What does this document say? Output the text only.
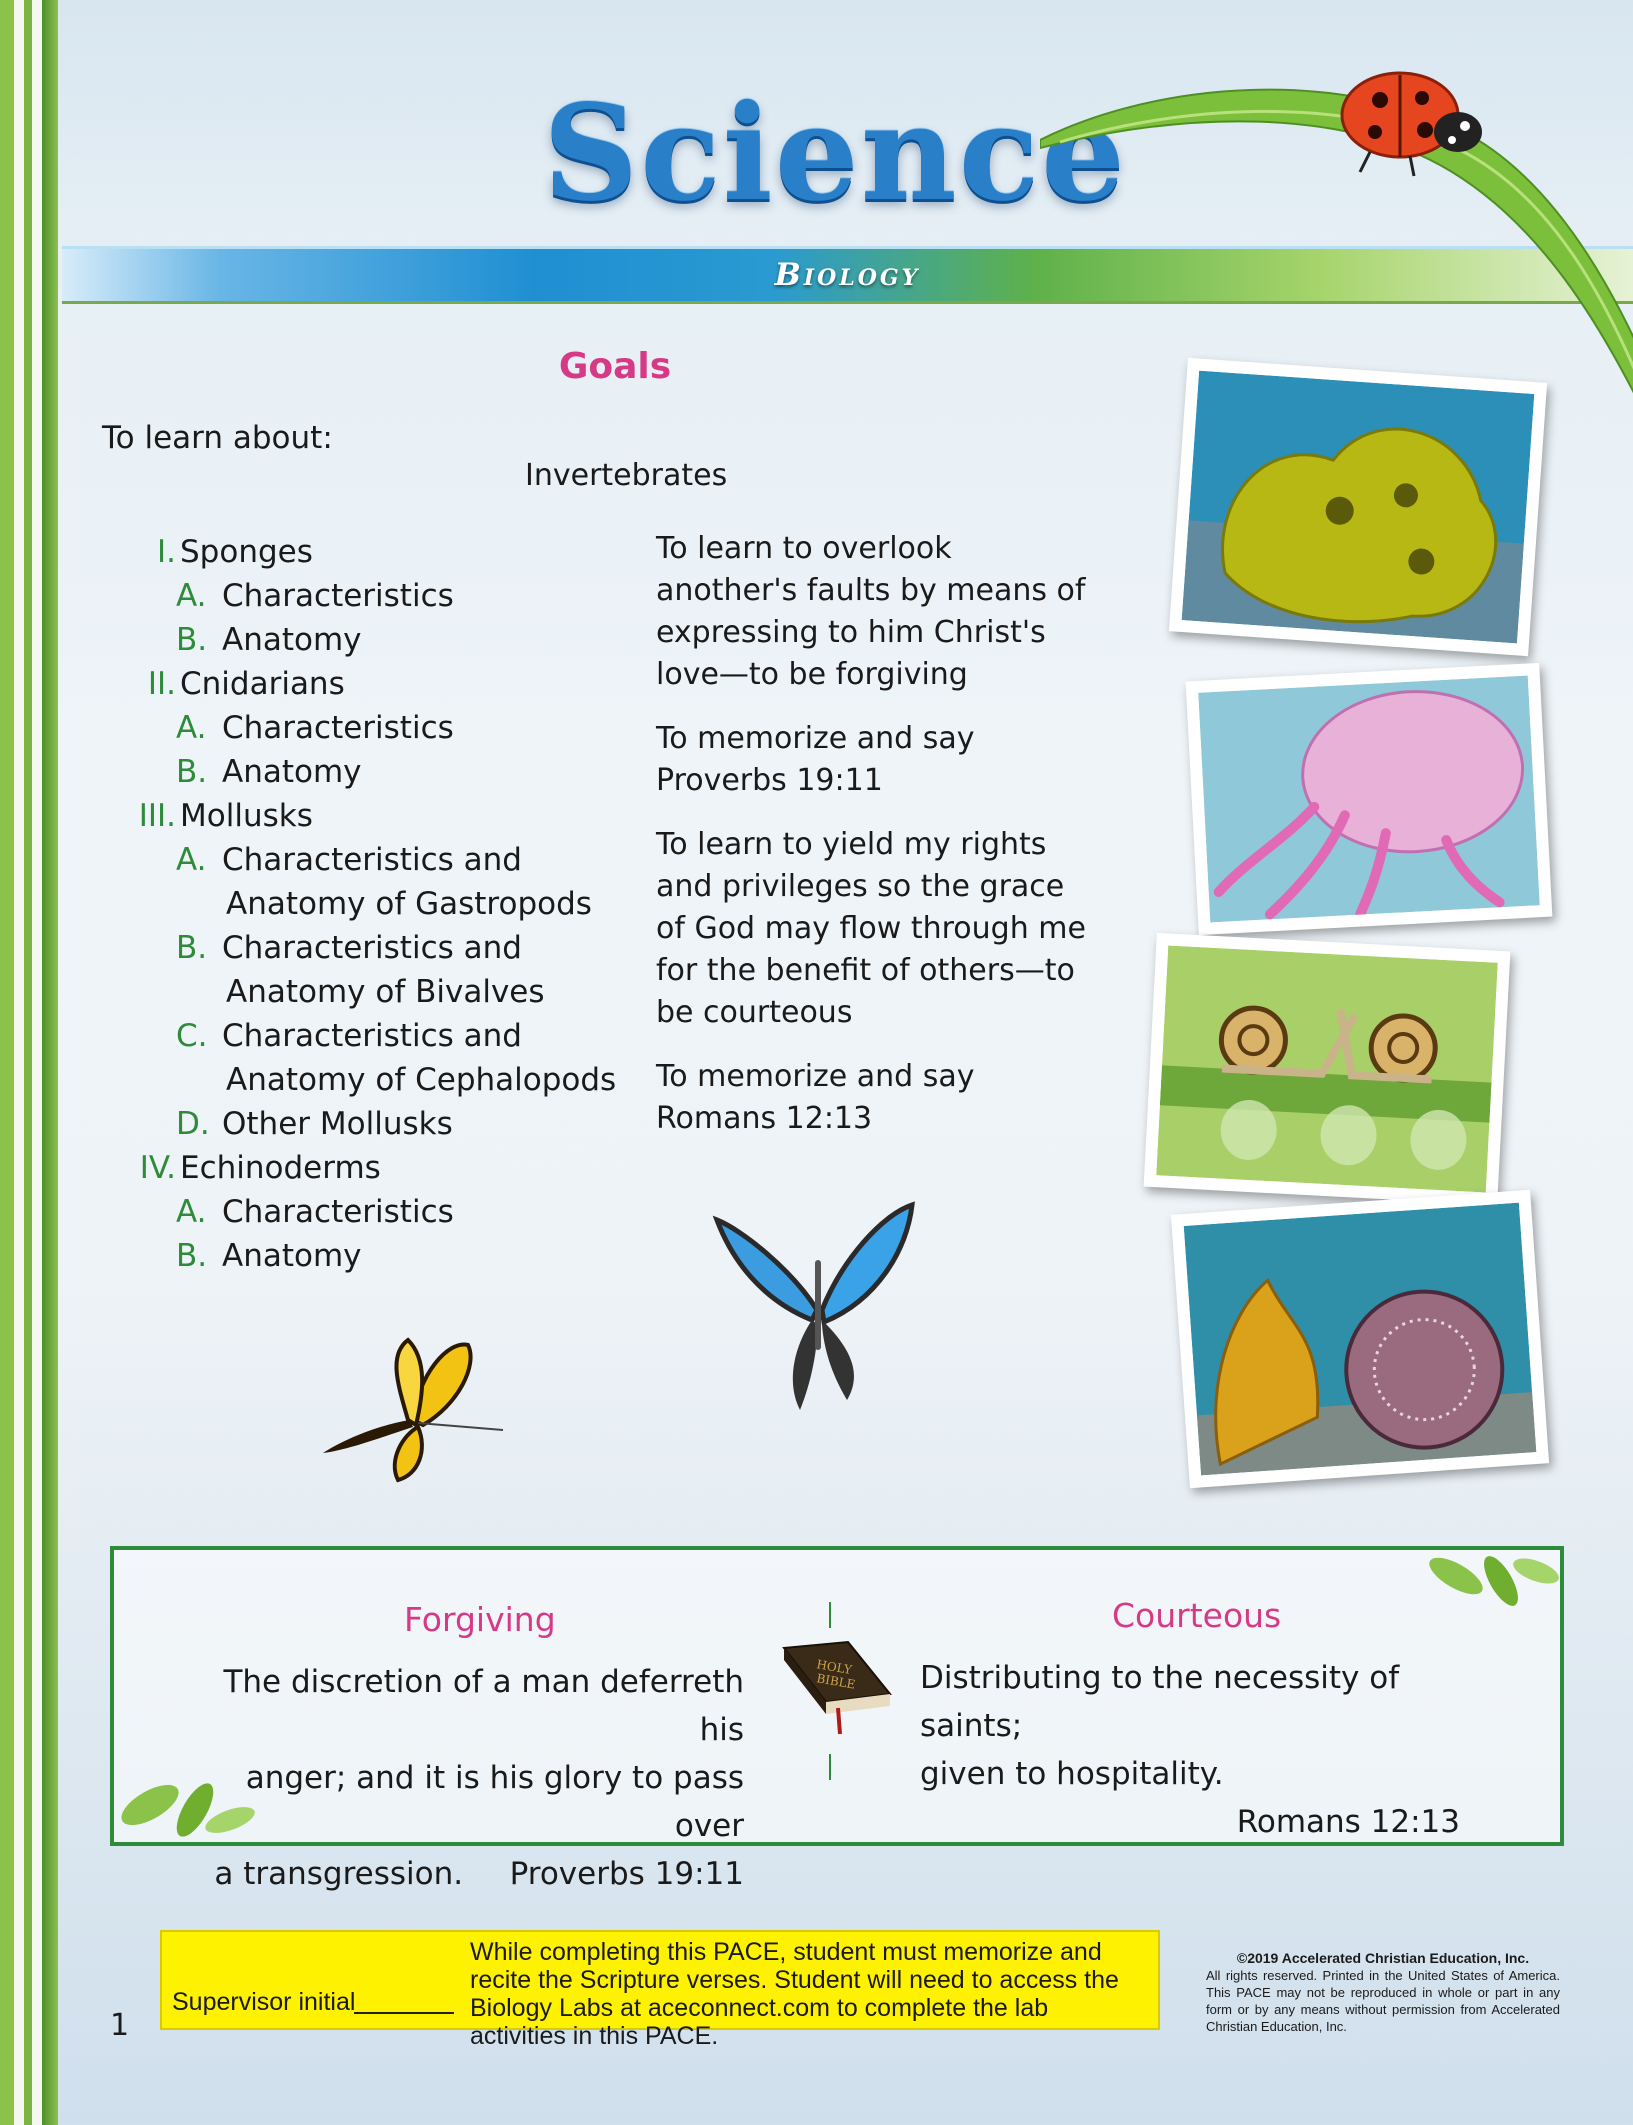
Biology
Science
Goals
To learn about:
Invertebrates
I. Sponges
A. Characteristics
B. Anatomy
II. Cnidarians
A. Characteristics
B. Anatomy
III. Mollusks
A. Characteristics and
Anatomy of Gastropods
B. Characteristics and
Anatomy of Bivalves
C. Characteristics and
Anatomy of Cephalopods
D. Other Mollusks
IV. Echinoderms
A. Characteristics
B. Anatomy

To learn to overlook another's faults by means of expressing to him Christ's love—to be forgiving

To memorize and say Proverbs 19:11

To learn to yield my rights and privileges so the grace of God may flow through me for the benefit of others—to be courteous

To memorize and say Romans 12:13

Forgiving
The discretion of a man deferreth his
anger; and it is his glory to pass over
a transgression.  Proverbs 19:11
HOLY
BIBLE
Courteous
Distributing to the necessity of saints;
given to hospitality.
Romans 12:13
Supervisor initial
While completing this PACE, student must memorize and recite the Scripture verses. Student will need to access the Biology Labs at aceconnect.com to complete the lab activities in this PACE.
©2019 Accelerated Christian Education, Inc.
All rights reserved. Printed in the United States of America. This PACE may not be reproduced in whole or part in any form or by any means without permission from Accelerated Christian Education, Inc.
1
